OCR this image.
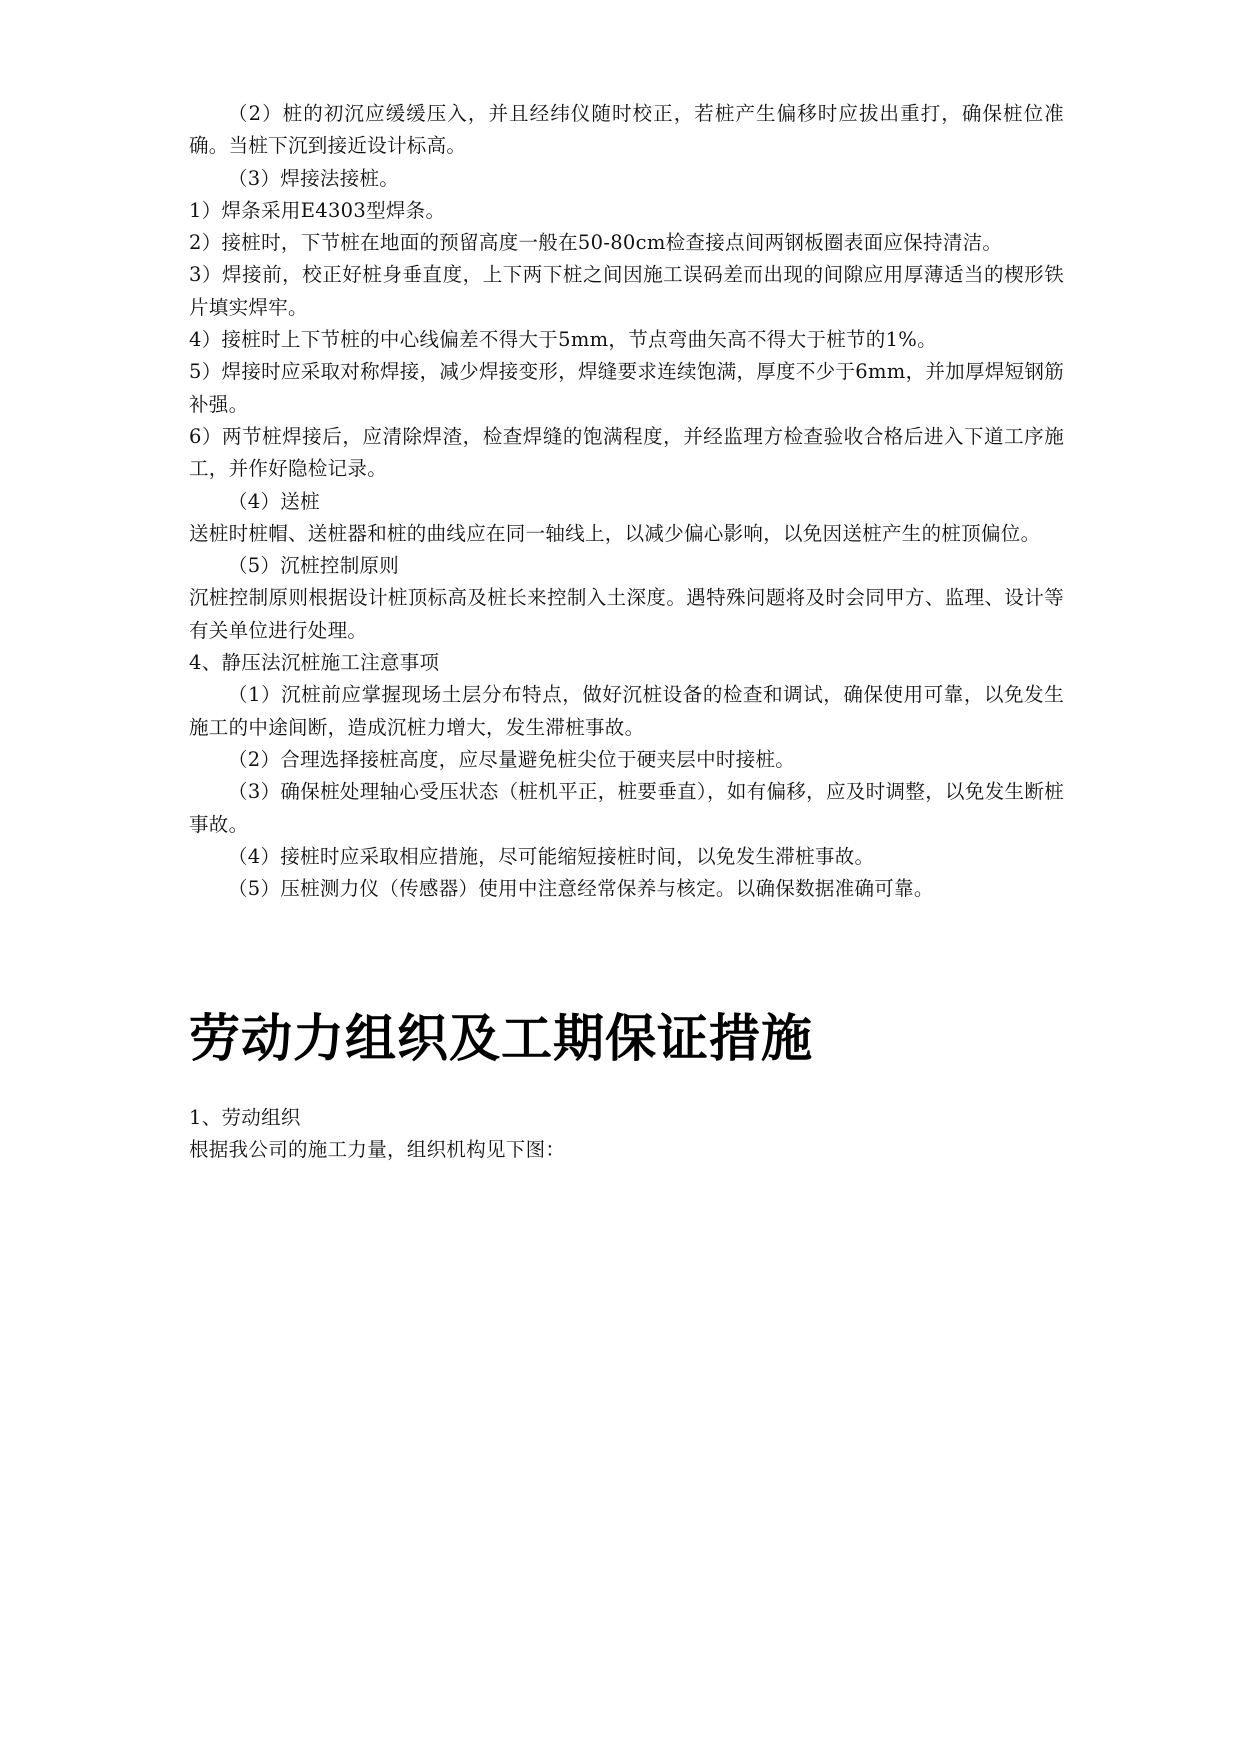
（2）桩的初沉应缓缓压入，并且经纬仪随时校正，若桩产生偏移时应拔出重打，确保桩位准确。当桩下沉到接近设计标高。

（3）焊接法接桩。

1）焊条采用E4303型焊条。

2）接桩时，下节桩在地面的预留高度一般在50-80cm检查接点间两钢板圈表面应保持清洁。

3）焊接前，校正好桩身垂直度，上下两下桩之间因施工误码差而出现的间隙应用厚薄适当的楔形铁片填实焊牢。

4）接桩时上下节桩的中心线偏差不得大于5mm，节点弯曲矢高不得大于桩节的1%。

5）焊接时应采取对称焊接，减少焊接变形，焊缝要求连续饱满，厚度不少于6mm，并加厚焊短钢筋补强。

6）两节桩焊接后，应清除焊渣，检查焊缝的饱满程度，并经监理方检查验收合格后进入下道工序施工，并作好隐检记录。

（4）送桩

送桩时桩帽、送桩器和桩的曲线应在同一轴线上，以减少偏心影响，以免因送桩产生的桩顶偏位。

（5）沉桩控制原则

沉桩控制原则根据设计桩顶标高及桩长来控制入土深度。遇特殊问题将及时会同甲方、监理、设计等有关单位进行处理。

4、静压法沉桩施工注意事项

（1）沉桩前应掌握现场土层分布特点，做好沉桩设备的检查和调试，确保使用可靠，以免发生施工的中途间断，造成沉桩力增大，发生滞桩事故。

（2）合理选择接桩高度，应尽量避免桩尖位于硬夹层中时接桩。

（3）确保桩处理轴心受压状态（桩机平正，桩要垂直），如有偏移，应及时调整，以免发生断桩事故。

（4）接桩时应采取相应措施，尽可能缩短接桩时间，以免发生滞桩事故。

（5）压桩测力仪（传感器）使用中注意经常保养与核定。以确保数据准确可靠。

劳动力组织及工期保证措施

1、劳动组织

根据我公司的施工力量，组织机构见下图：
